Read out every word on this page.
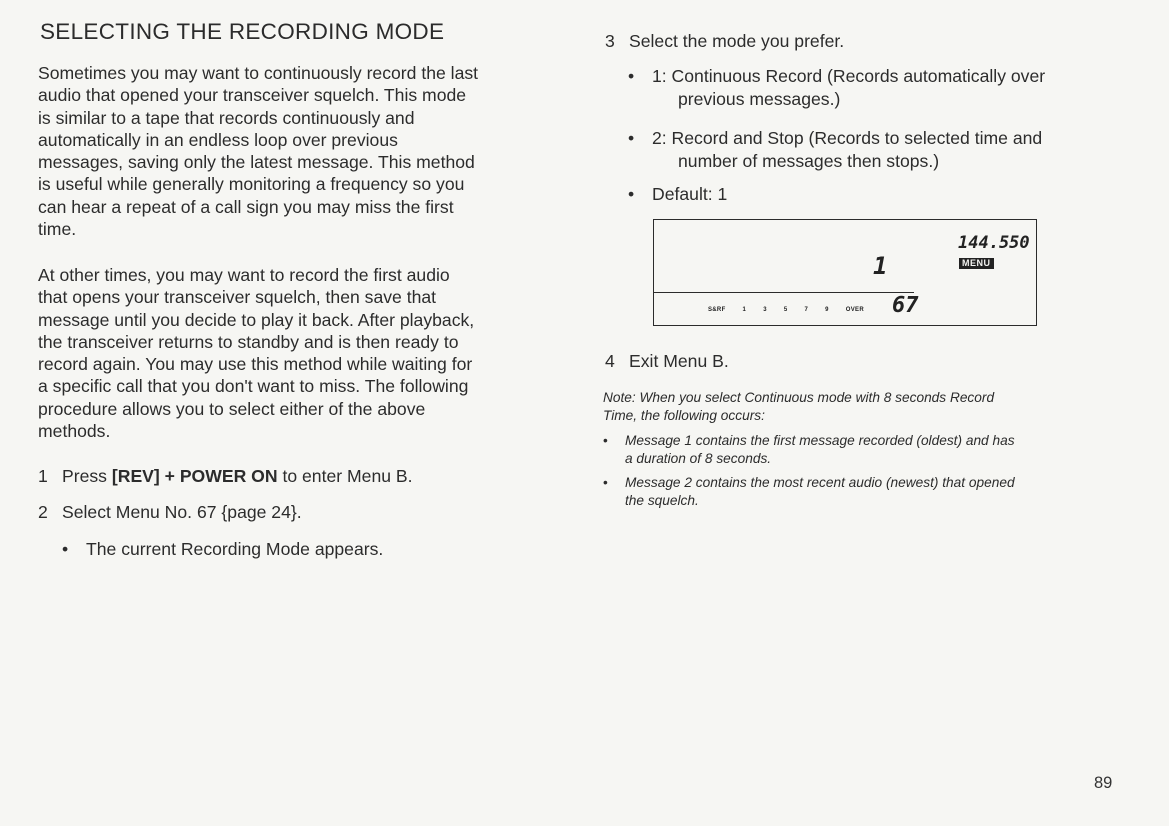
SELECTING THE RECORDING MODE
Sometimes you may want to continuously record the last
audio that opened your transceiver squelch. This mode
is similar to a tape that records continuously and
automatically in an endless loop over previous
messages, saving only the latest message. This method
is useful while generally monitoring a frequency so you
can hear a repeat of a call sign you may miss the first
time.
At other times, you may want to record the first audio
that opens your transceiver squelch, then save that
message until you decide to play it back. After playback,
the transceiver returns to standby and is then ready to
record again. You may use this method while waiting for
a specific call that you don't want to miss. The following
procedure allows you to select either of the above
methods.
1 Press [REV] + POWER ON to enter Menu B.
2 Select Menu No. 67 {page 24}.
• The current Recording Mode appears.
3 Select the mode you prefer.
• 1: Continuous Record (Records automatically over
previous messages.)
• 2: Record and Stop (Records to selected time and
number of messages then stops.)
• Default: 1
144.550
MENU
1
67
S&RF	1	3	5	7	9	OVER
4 Exit Menu B.
Note: When you select Continuous mode with 8 seconds Record
Time, the following occurs:
• Message 1 contains the first message recorded (oldest) and has
a duration of 8 seconds.
• Message 2 contains the most recent audio (newest) that opened
the squelch.
89
